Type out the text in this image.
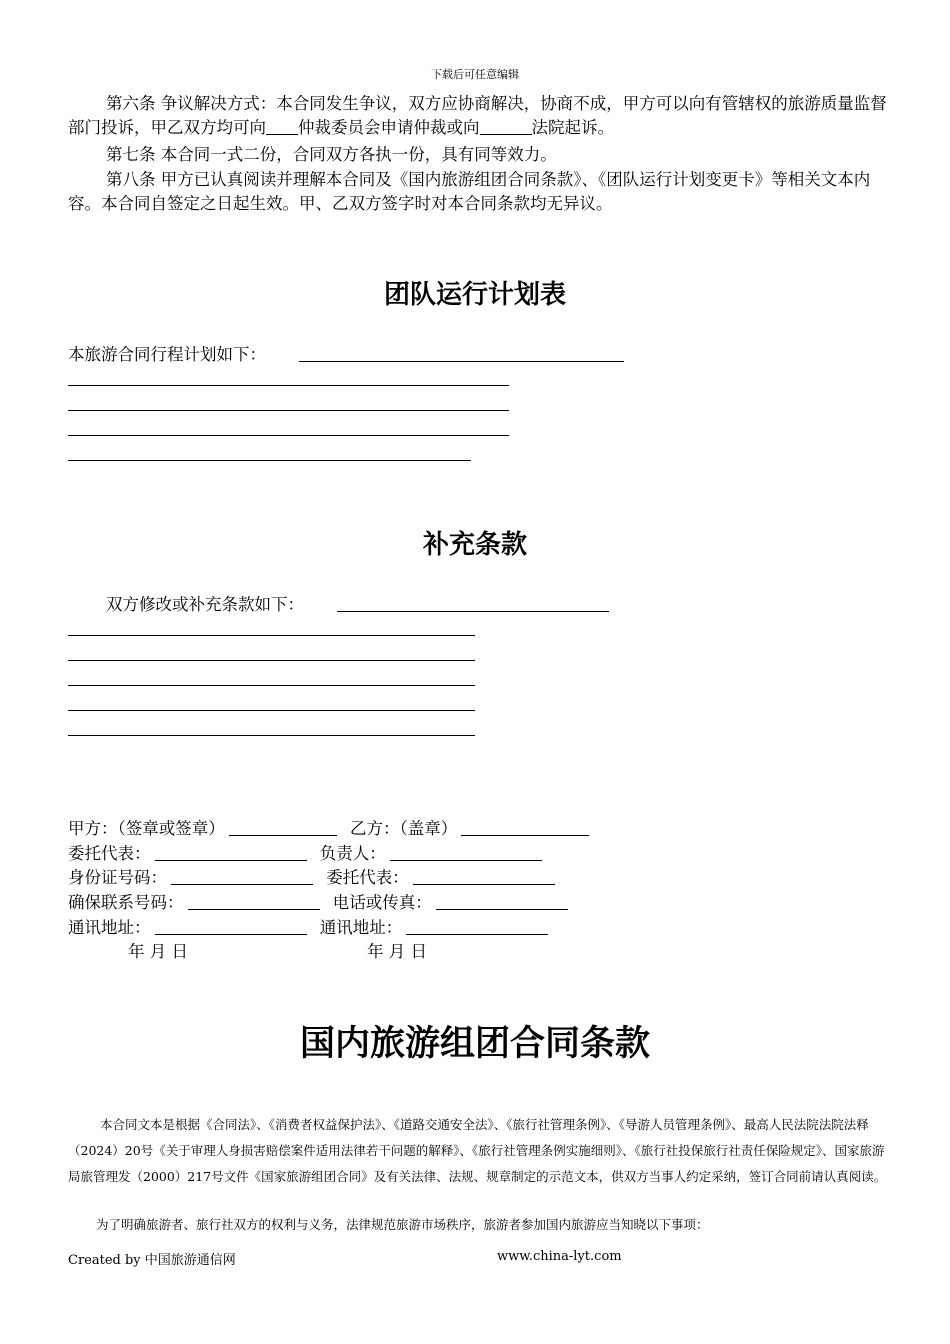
下载后可任意编辑

第六条 争议解决方式：本合同发生争议，双方应协商解决，协商不成，甲方可以向有管辖权的旅游质量监督部门投诉，甲乙双方均可向 仲裁委员会申请仲裁或向	法院起诉。

第七条 本合同一式二份，合同双方各执一份，具有同等效力。

第八条 甲方已认真阅读并理解本合同及《国内旅游组团合同条款》、《团队运行计划变更卡》等相关文本内容。本合同自签定之日起生效。甲、乙双方签字时对本合同条款均无异议。

团队运行计划表
本旅游合同行程计划如下：
补充条款
双方修改或补充条款如下：
甲方：（签章或签章）	乙方：（盖章）
委托代表：	负责人：
身份证号码：	委托代表：
确保联系号码：	电话或传真：
通讯地址：	通讯地址：
年 月 日	年 月 日
国内旅游组团合同条款

本合同文本是根据《合同法》、《消费者权益保护法》、《道路交通安全法》、《旅行社管理条例》、《导游人员管理条例》、最高人民法院法院法释（2024）20号《关于审理人身损害赔偿案件适用法律若干问题的解释》、《旅行社管理条例实施细则》、《旅行社投保旅行社责任保险规定》、国家旅游局旅管理发（2000）217号文件《国家旅游组团合同》及有关法律、法规、规章制定的示范文本，供双方当事人约定采纳，签订合同前请认真阅读。

为了明确旅游者、旅行社双方的权利与义务，法律规范旅游市场秩序，旅游者参加国内旅游应当知晓以下事项：

Created by 中国旅游通信网	www.china-lyt.com
